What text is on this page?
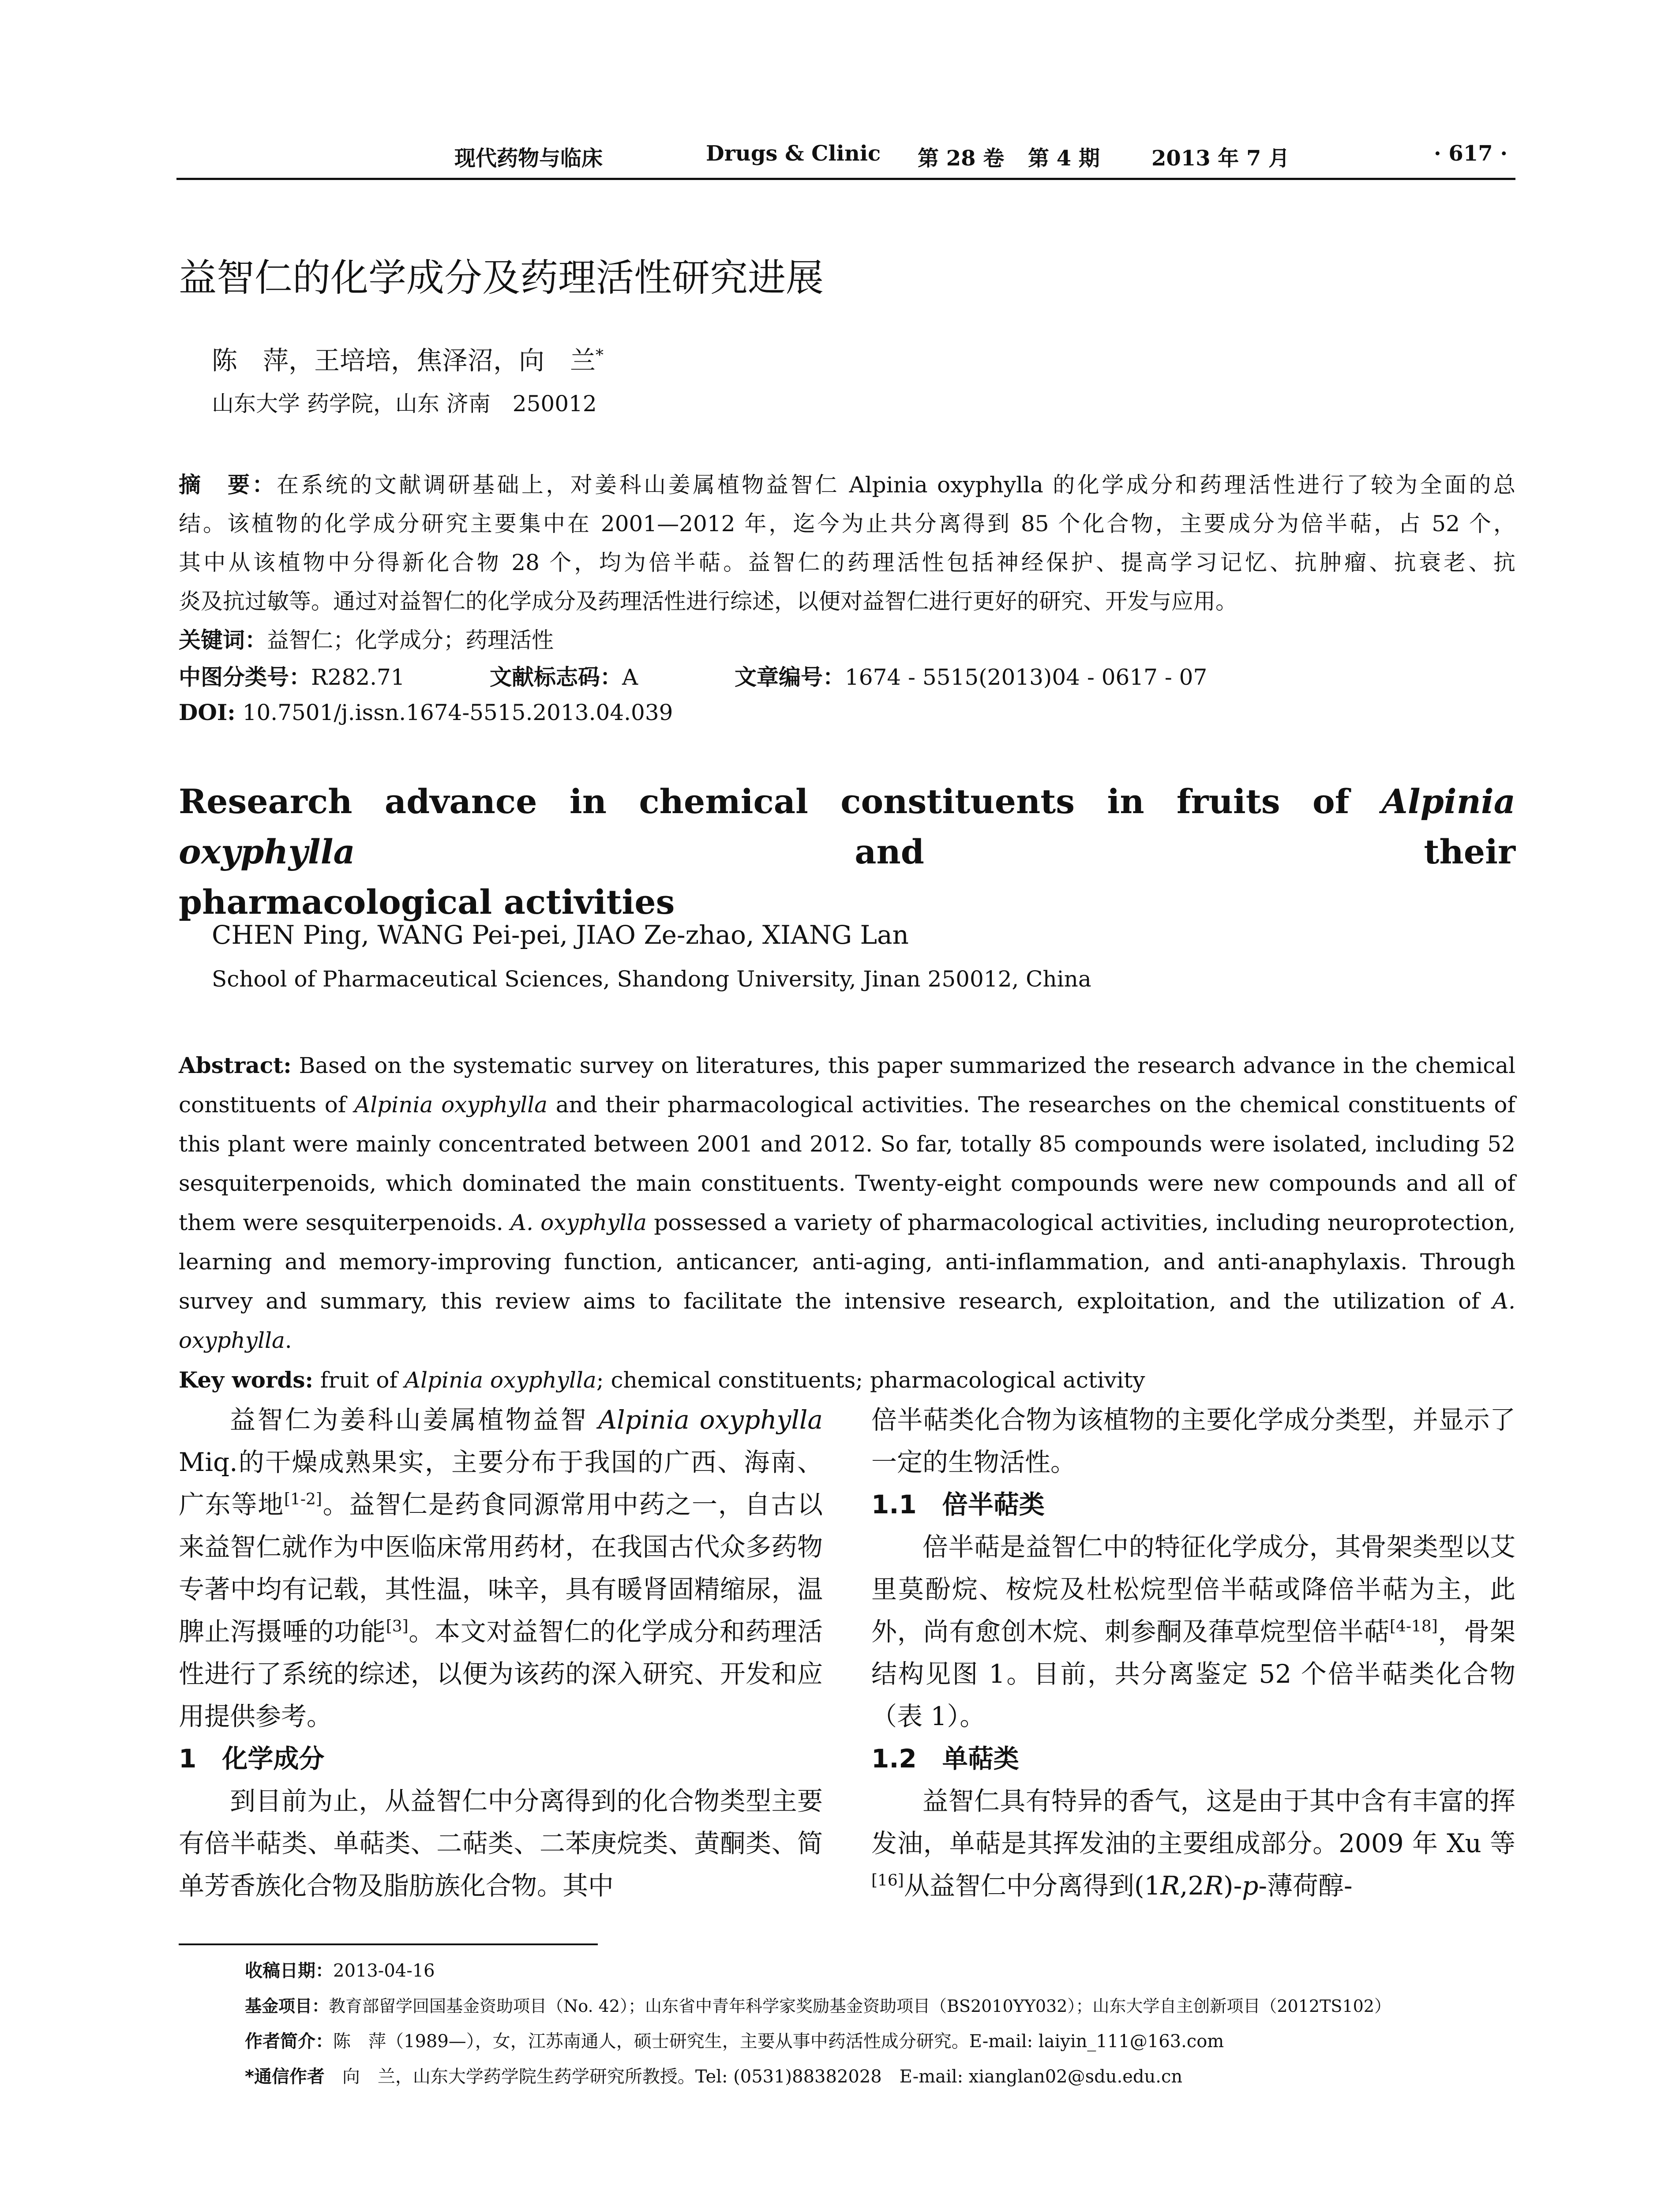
现代药物与临床	Drugs & Clinic 第 28 卷 第 4 期 2013 年 7 月	· 617 ·
益智仁的化学成分及药理活性研究进展
陈　萍，王培培，焦泽沼，向　兰*
山东大学 药学院，山东 济南　250012
摘　要：在系统的文献调研基础上，对姜科山姜属植物益智仁 Alpinia oxyphylla 的化学成分和药理活性进行了较为全面的总
结。该植物的化学成分研究主要集中在 2001—2012 年，迄今为止共分离得到 85 个化合物，主要成分为倍半萜，占 52 个，
其中从该植物中分得新化合物 28 个，均为倍半萜。益智仁的药理活性包括神经保护、提高学习记忆、抗肿瘤、抗衰老、抗
炎及抗过敏等。通过对益智仁的化学成分及药理活性进行综述，以便对益智仁进行更好的研究、开发与应用。
关键词：益智仁；化学成分；药理活性
中图分类号：R282.71	文献标志码：A	文章编号：1674 - 5515(2013)04 - 0617 - 07
DOI: 10.7501/j.issn.1674-5515.2013.04.039
Research advance in chemical constituents in fruits of Alpinia oxyphylla and their
pharmacological activities
CHEN Ping, WANG Pei-pei, JIAO Ze-zhao, XIANG Lan
School of Pharmaceutical Sciences, Shandong University, Jinan 250012, China

Abstract: Based on the systematic survey on literatures, this paper summarized the research advance in the chemical constituents of Alpinia oxyphylla and their pharmacological activities. The researches on the chemical constituents of this plant were mainly concentrated between 2001 and 2012. So far, totally 85 compounds were isolated, including 52 sesquiterpenoids, which dominated the main constituents. Twenty-eight compounds were new compounds and all of them were sesquiterpenoids. A. oxyphylla possessed a variety of pharmacological activities, including neuroprotection, learning and memory-improving function, anticancer, anti-aging, anti-inflammation, and anti-anaphylaxis. Through survey and summary, this review aims to facilitate the intensive research, exploitation, and the utilization of A. oxyphylla.

Key words: fruit of Alpinia oxyphylla; chemical constituents; pharmacological activity

益智仁为姜科山姜属植物益智 Alpinia oxyphylla Miq.的干燥成熟果实，主要分布于我国的广西、海南、广东等地[1-2]。益智仁是药食同源常用中药之一，自古以来益智仁就作为中医临床常用药材，在我国古代众多药物专著中均有记载，其性温，味辛，具有暖肾固精缩尿，温脾止泻摄唾的功能[3]。本文对益智仁的化学成分和药理活性进行了系统的综述，以便为该药的深入研究、开发和应用提供参考。

1　化学成分

到目前为止，从益智仁中分离得到的化合物类型主要有倍半萜类、单萜类、二萜类、二苯庚烷类、黄酮类、简单芳香族化合物及脂肪族化合物。其中

倍半萜类化合物为该植物的主要化学成分类型，并显示了一定的生物活性。

1.1　倍半萜类

倍半萜是益智仁中的特征化学成分，其骨架类型以艾里莫酚烷、桉烷及杜松烷型倍半萜或降倍半萜为主，此外，尚有愈创木烷、刺参酮及葎草烷型倍半萜[4-18]，骨架结构见图 1。目前，共分离鉴定 52 个倍半萜类化合物（表 1）。

1.2　单萜类

益智仁具有特异的香气，这是由于其中含有丰富的挥发油，单萜是其挥发油的主要组成部分。2009 年 Xu 等[16]从益智仁中分离得到(1R,2R)-p-薄荷醇-

收稿日期：2013-04-16
基金项目：教育部留学回国基金资助项目（No. 42）；山东省中青年科学家奖励基金资助项目（BS2010YY032）；山东大学自主创新项目（2012TS102）
作者简介：陈　萍（1989—），女，江苏南通人，硕士研究生，主要从事中药活性成分研究。E-mail: laiyin_111@163.com
*通信作者　向　兰，山东大学药学院生药学研究所教授。Tel: (0531)88382028　E-mail: xianglan02@sdu.edu.cn
